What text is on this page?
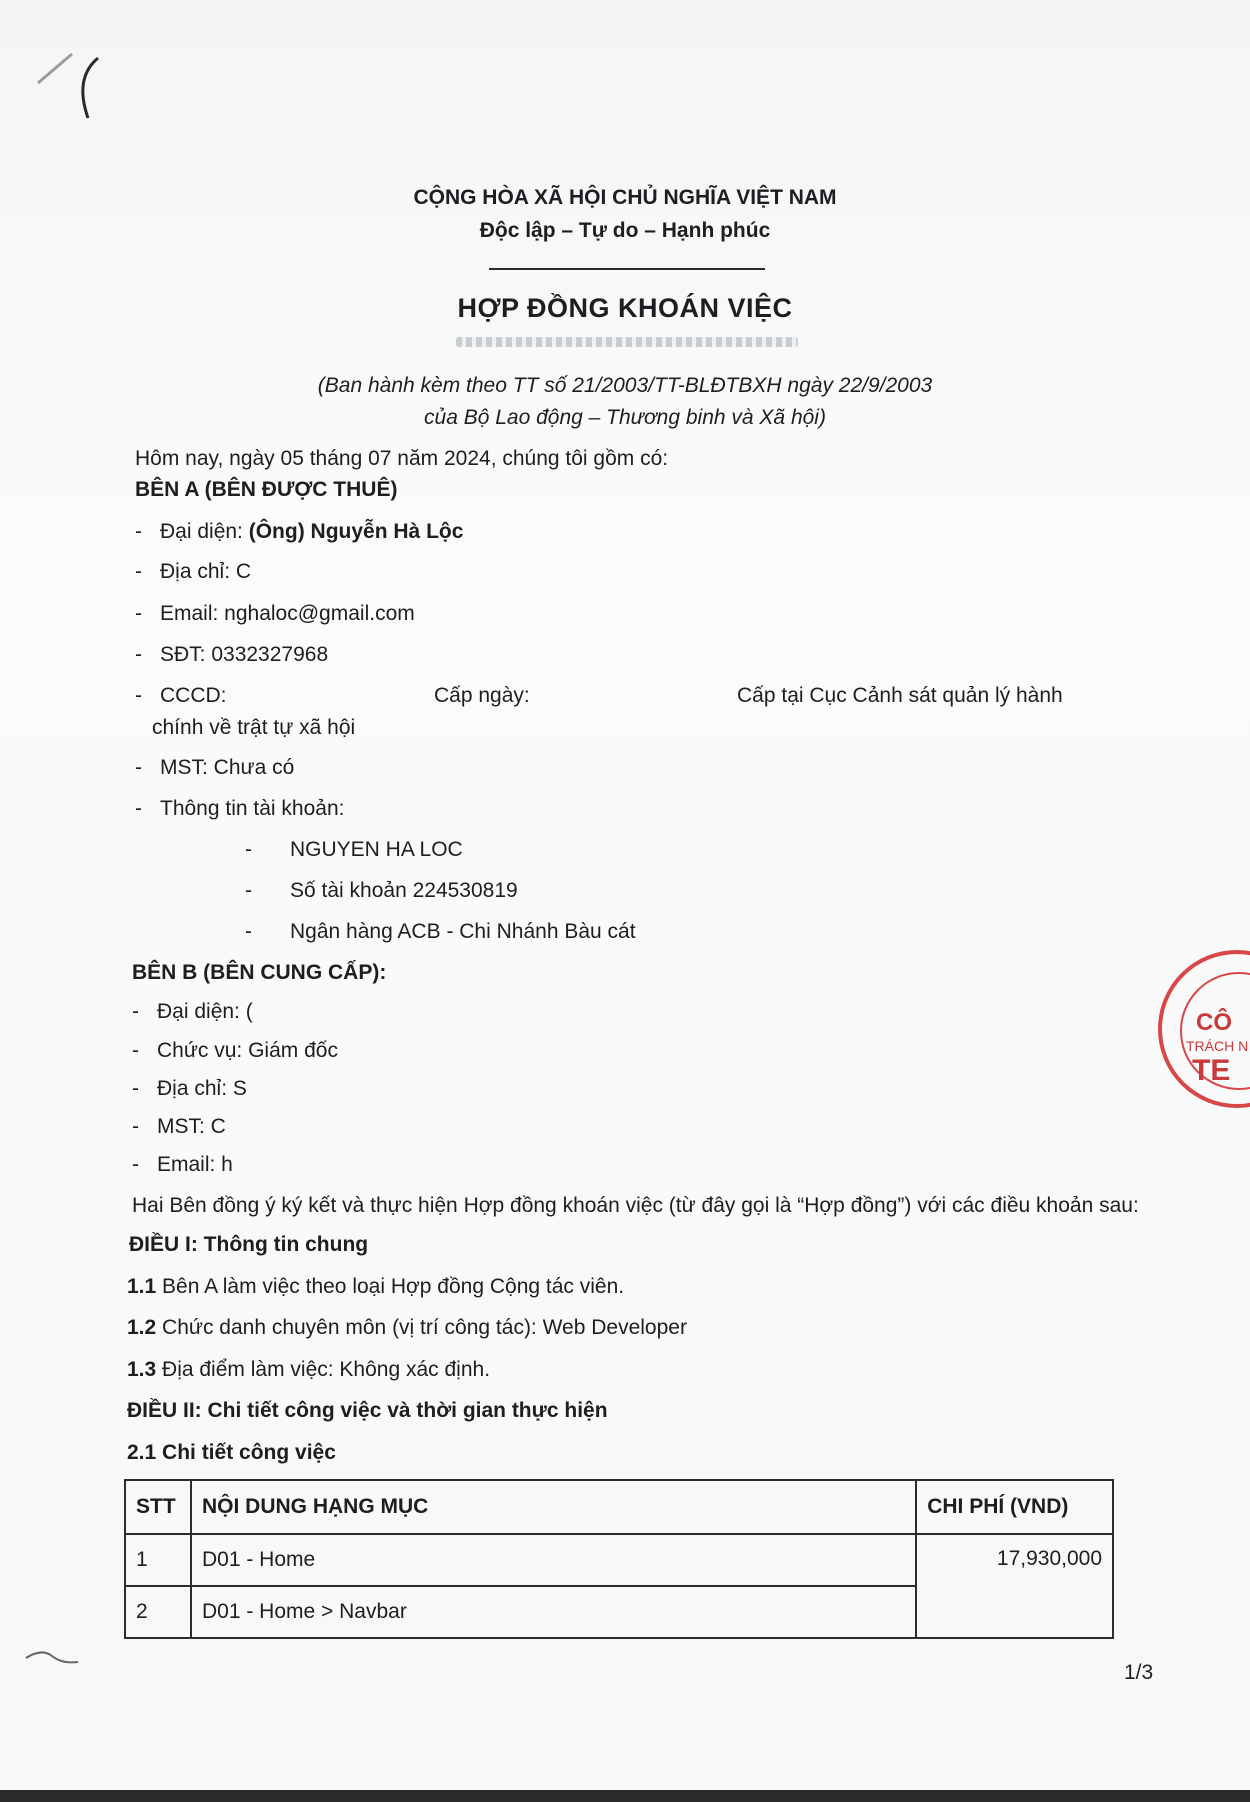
CỘNG HÒA XÃ HỘI CHỦ NGHĨA VIỆT NAM
Độc lập – Tự do – Hạnh phúc
HỢP ĐỒNG KHOÁN VIỆC
(Ban hành kèm theo TT số 21/2003/TT-BLĐTBXH ngày 22/9/2003
của Bộ Lao động – Thương binh và Xã hội)
Hôm nay, ngày 05 tháng 07 năm 2024, chúng tôi gồm có:
BÊN A (BÊN ĐƯỢC THUÊ)
- Đại diện: (Ông) Nguyễn Hà Lộc
- Địa chỉ: C
- Email: nghaloc@gmail.com
- SĐT: 0332327968
- CCCD:	Cấp ngày:	Cấp tại Cục Cảnh sát quản lý hành
chính về trật tự xã hội
- MST: Chưa có
- Thông tin tài khoản:
- NGUYEN HA LOC
- Số tài khoản 224530819
- Ngân hàng ACB - Chi Nhánh Bàu cát
BÊN B (BÊN CUNG CẤP):
- Đại diện: (
- Chức vụ: Giám đốc
- Địa chỉ: S
- MST: C
- Email: h
Hai Bên đồng ý ký kết và thực hiện Hợp đồng khoán việc (từ đây gọi là “Hợp đồng”) với các điều khoản sau:
ĐIỀU I: Thông tin chung
1.1 Bên A làm việc theo loại Hợp đồng Cộng tác viên.
1.2 Chức danh chuyên môn (vị trí công tác): Web Developer
1.3 Địa điểm làm việc: Không xác định.
ĐIỀU II: Chi tiết công việc và thời gian thực hiện
2.1 Chi tiết công việc
STT	NỘI DUNG HẠNG MỤC	CHI PHÍ (VND)
1	D01 - Home	17,930,000
2	D01 - Home > Navbar	
1/3
CÔ
TRÁCH N
TE
